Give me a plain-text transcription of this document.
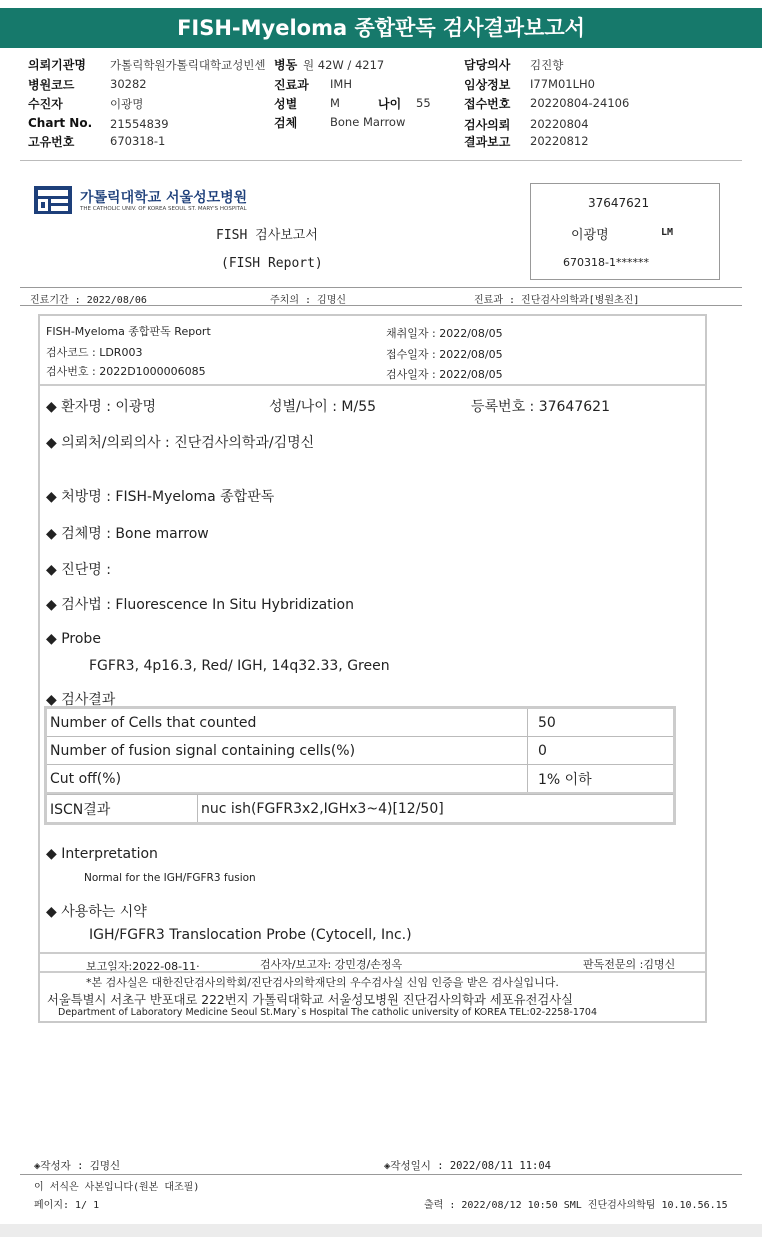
FISH-Myeloma 종합판독 검사결과보고서
의뢰기관명 가톨릭학원가톨릭대학교성빈센
병원코드	30282
수진자	이광명
Chart No. 21554839
고유번호	670318-1
병동 원 42W / 4217
진료과 IMH
성별	M	나이 55
검체	Bone Marrow
담당의사 김진향
임상정보 I77M01LH0
접수번호 20220804-24106
검사의뢰 20220804
결과보고 20220812
가톨릭대학교 서울성모병원
THE CATHOLIC UNIV. OF KOREA SEOUL ST. MARY'S HOSPITAL
FISH 검사보고서
(FISH Report)
37647621
이광명	LM
670318-1******
진료기간 : 2022/08/06	주치의 : 김명신	진료과 : 진단검사의학과[병원초진]
FISH-Myeloma 종합판독 Report
검사코드 : LDR003
검사번호 : 2022D1000006085
채취일자 : 2022/08/05
접수일자 : 2022/08/05
검사일자 : 2022/08/05
◆ 환자명 : 이광명	성별/나이 : M/55	등록번호 : 37647621
◆ 의뢰처/의뢰의사 : 진단검사의학과/김명신
◆ 처방명 : FISH-Myeloma 종합판독
◆ 검체명 : Bone marrow
◆ 진단명 :
◆ 검사법 : Fluorescence In Situ Hybridization
◆ Probe
FGFR3, 4p16.3, Red/ IGH, 14q32.33, Green
◆ 검사결과
Number of Cells that counted	50
Number of fusion signal containing cells(%)	0
Cut off(%)	1% 이하
ISCN결과	nuc ish(FGFR3x2,IGHx3~4)[12/50]
◆ Interpretation
Normal for the IGH/FGFR3 fusion
◆ 사용하는 시약
IGH/FGFR3 Translocation Probe (Cytocell, Inc.)
보고일자:2022-08-11·	검사자/보고자: 강민경/손정옥	판독전문의 :김명신
*본 검사실은 대한진단검사의학회/진단검사의학재단의 우수검사실 신임 인증을 받은 검사실입니다.
서울특별시 서초구 반포대로 222번지 가톨릭대학교 서울성모병원 진단검사의학과 세포유전검사실
Department of Laboratory Medicine Seoul St.Mary`s Hospital The catholic university of KOREA TEL:02-2258-1704
◈작성자 : 김명신	◈작성일시 : 2022/08/11 11:04
이 서식은 사본입니다(원본 대조필)
페이지: 1/ 1	출력 : 2022/08/12 10:50 SML 진단검사의학팀 10.10.56.15
